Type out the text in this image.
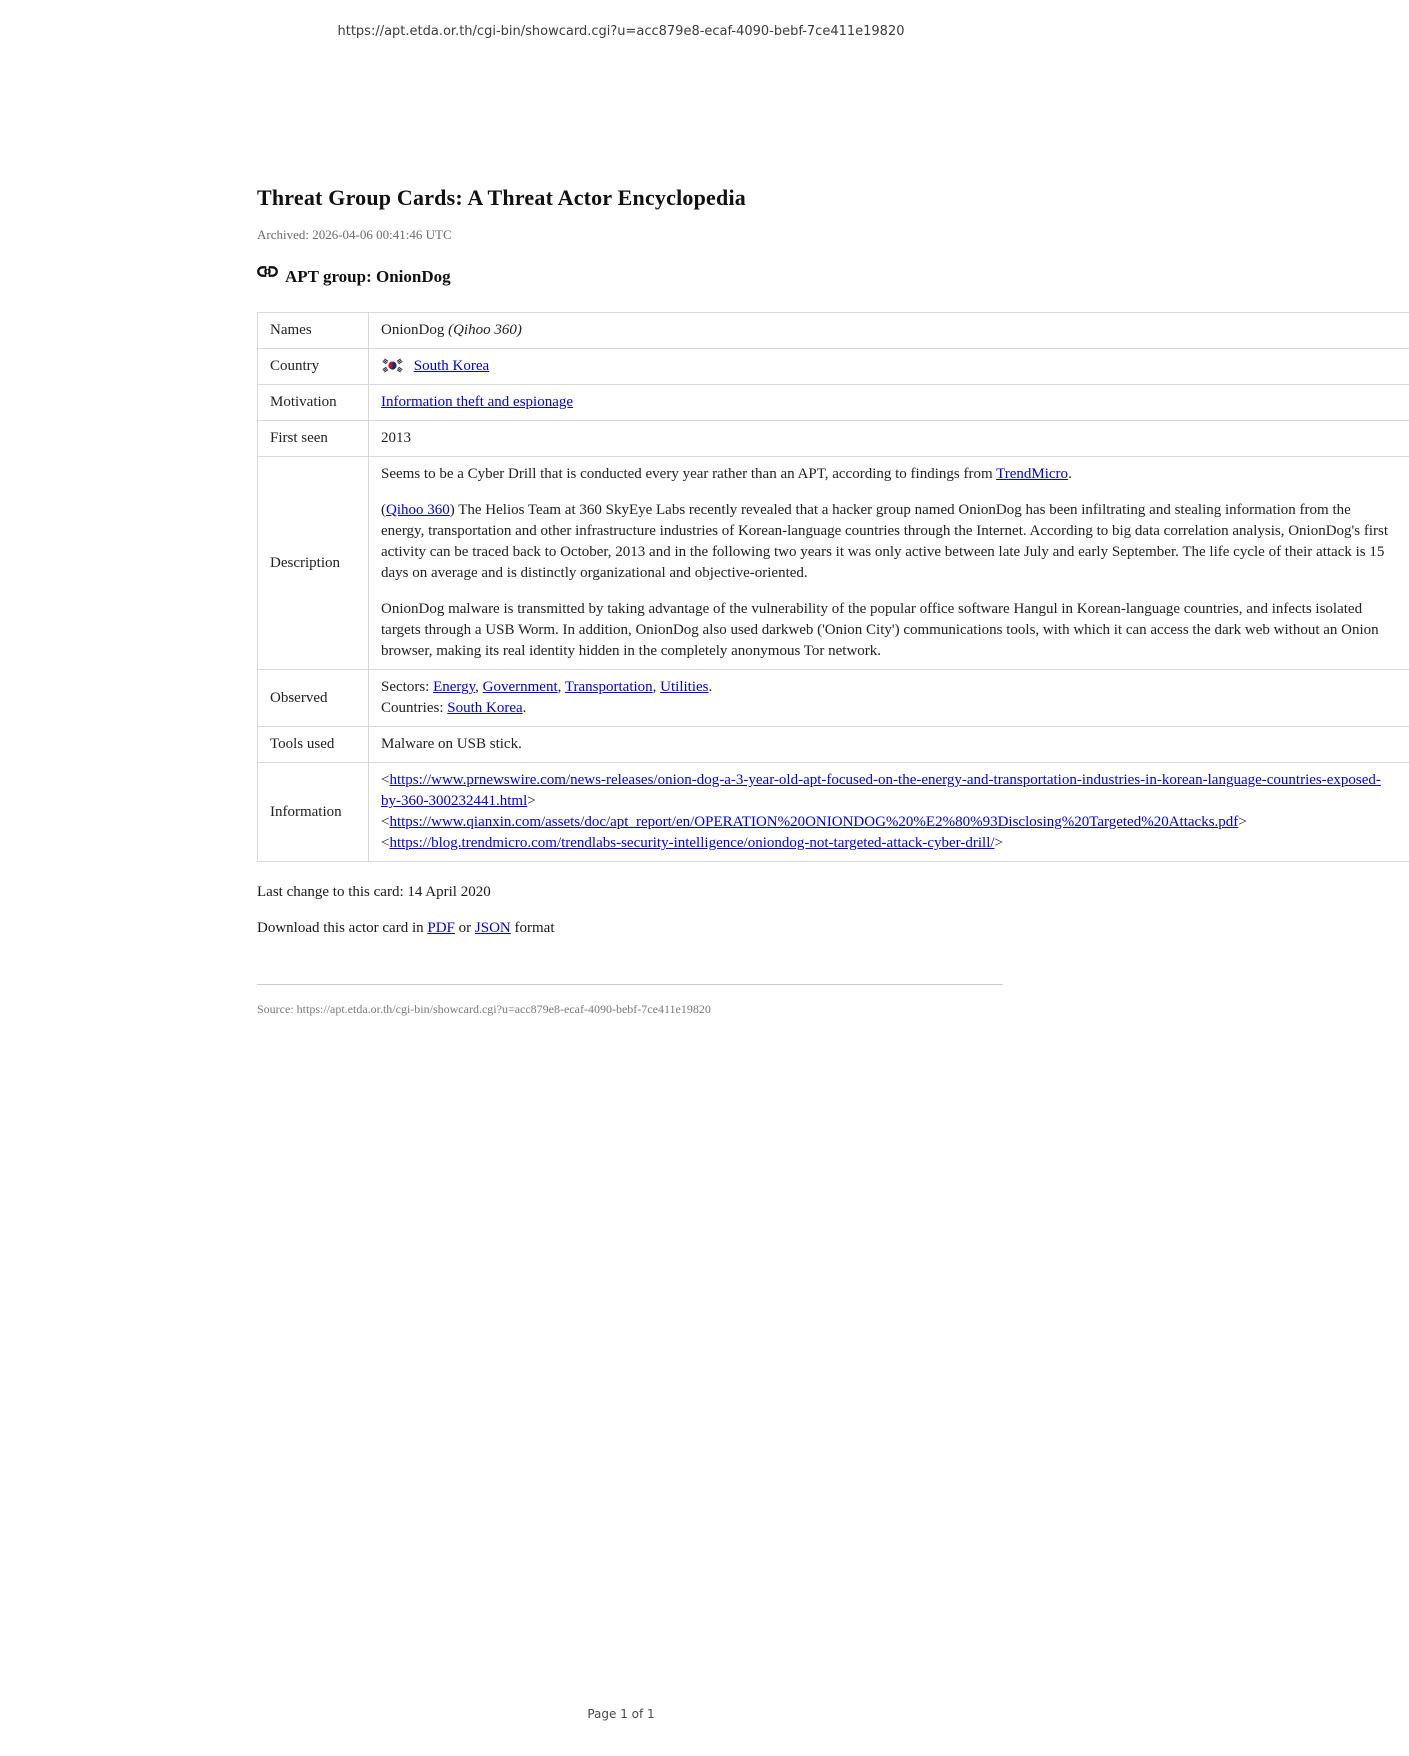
https://apt.etda.or.th/cgi-bin/showcard.cgi?u=acc879e8-ecaf-4090-bebf-7ce411e19820
Threat Group Cards: A Threat Actor Encyclopedia
Archived: 2026-04-06 00:41:46 UTC
APT group: OnionDog
Names	OnionDog (Qihoo 360)
Country	South Korea
Motivation	Information theft and espionage
First seen	2013
Description	Seems to be a Cyber Drill that is conducted every year rather than an APT, according to findings from TrendMicro.

(Qihoo 360) The Helios Team at 360 SkyEye Labs recently revealed that a hacker group named OnionDog has been infiltrating and stealing information from the energy, transportation and other infrastructure industries of Korean-language countries through the Internet. According to big data correlation analysis, OnionDog's first activity can be traced back to October, 2013 and in the following two years it was only active between late July and early September. The life cycle of their attack is 15 days on average and is distinctly organizational and objective-oriented.

OnionDog malware is transmitted by taking advantage of the vulnerability of the popular office software Hangul in Korean-language countries, and infects isolated targets through a USB Worm. In addition, OnionDog also used darkweb ('Onion City') communications tools, with which it can access the dark web without an Onion browser, making its real identity hidden in the completely anonymous Tor network.

Observed	Sectors: Energy, Government, Transportation, Utilities.
Countries: South Korea.

Tools used	Malware on USB stick.
Information	<https://www.prnewswire.com/news-releases/onion-dog-a-3-year-old-apt-focused-on-the-energy-and-transportation-industries-in-korean-language-countries-exposed-by-360-300232441.html>
<https://www.qianxin.com/assets/doc/apt_report/en/OPERATION%20ONIONDOG%20%E2%80%93Disclosing%20Targeted%20Attacks.pdf>
<https://blog.trendmicro.com/trendlabs-security-intelligence/oniondog-not-targeted-attack-cyber-drill/>
Last change to this card: 14 April 2020
Download this actor card in PDF or JSON format
Source: https://apt.etda.or.th/cgi-bin/showcard.cgi?u=acc879e8-ecaf-4090-bebf-7ce411e19820
Page 1 of 1
